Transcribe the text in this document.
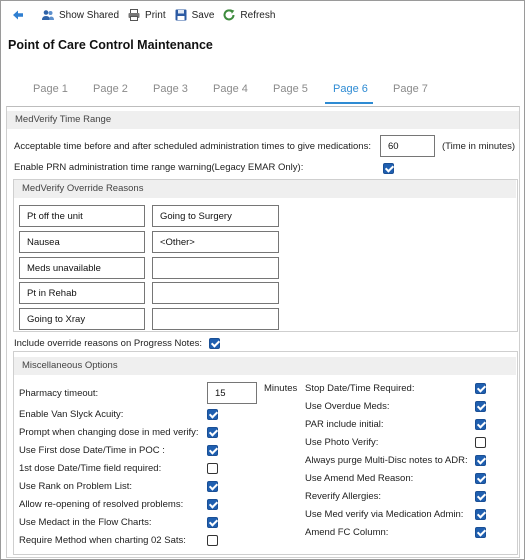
Show Shared	Print	Save	Refresh
Point of Care Control Maintenance
Page 1 Page 2 Page 3 Page 4 Page 5 Page 6 Page 7
MedVerify Time Range
Acceptable time before and after scheduled administration times to give medications:	60	(Time in minutes)
Enable PRN administration time range warning(Legacy EMAR Only):
MedVerify Override Reasons
Pt off the unit	Going to Surgery
Nausea	<Other>
Meds unavailable
Pt in Rehab
Going to Xray
Include override reasons on Progress Notes:
Miscellaneous Options
Pharmacy timeout:	15	Minutes
Enable Van Slyck Acuity:
Prompt when changing dose in med verify:
Use First dose Date/Time in POC :
1st dose Date/Time field required:
Use Rank on Problem List:
Allow re-opening of resolved problems:
Use Medact in the Flow Charts:
Require Method when charting 02 Sats:
Stop Date/Time Required:
Use Overdue Meds:
PAR include initial:
Use Photo Verify:
Always purge Multi-Disc notes to ADR:
Use Amend Med Reason:
Reverify Allergies:
Use Med verify via Medication Admin:
Amend FC Column:
